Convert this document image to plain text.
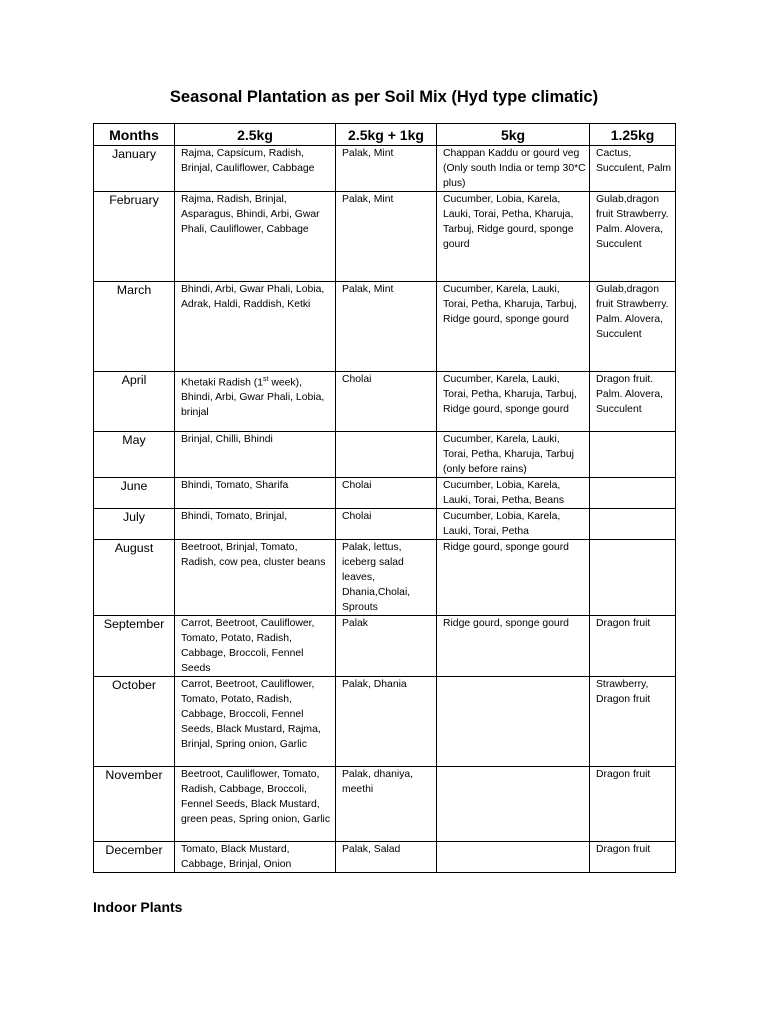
Seasonal Plantation as per Soil Mix (Hyd type climatic)
Months	2.5kg	2.5kg + 1kg	5kg	1.25kg
January	Rajma, Capsicum, Radish, Brinjal, Cauliflower, Cabbage	Palak, Mint	Chappan Kaddu or gourd veg (Only south India or temp 30*C plus)	Cactus, Succulent, Palm
February	Rajma, Radish, Brinjal, Asparagus, Bhindi, Arbi, Gwar Phali, Cauliflower, Cabbage	Palak, Mint	Cucumber, Lobia, Karela, Lauki, Torai, Petha, Kharuja, Tarbuj, Ridge gourd, sponge gourd	Gulab,dragon fruit Strawberry. Palm. Alovera, Succulent
March	Bhindi, Arbi, Gwar Phali, Lobia, Adrak, Haldi, Raddish, Ketki	Palak, Mint	Cucumber, Karela, Lauki, Torai, Petha, Kharuja, Tarbuj, Ridge gourd, sponge gourd	Gulab,dragon fruit Strawberry. Palm. Alovera, Succulent
April	Khetaki Radish (1st week), Bhindi, Arbi, Gwar Phali, Lobia, brinjal	Cholai	Cucumber, Karela, Lauki, Torai, Petha, Kharuja, Tarbuj, Ridge gourd, sponge gourd	Dragon fruit. Palm. Alovera, Succulent
May	Brinjal, Chilli, Bhindi		Cucumber, Karela, Lauki, Torai, Petha, Kharuja, Tarbuj (only before rains)	
June	Bhindi, Tomato, Sharifa	Cholai	Cucumber, Lobia, Karela, Lauki, Torai, Petha, Beans	
July	Bhindi, Tomato, Brinjal,	Cholai	Cucumber, Lobia, Karela, Lauki, Torai, Petha	
August	Beetroot, Brinjal, Tomato, Radish, cow pea, cluster beans	Palak, lettus, iceberg salad leaves, Dhania,Cholai, Sprouts	Ridge gourd, sponge gourd	
September	Carrot, Beetroot, Cauliflower, Tomato, Potato, Radish, Cabbage, Broccoli, Fennel Seeds	Palak	Ridge gourd, sponge gourd	Dragon fruit
October	Carrot, Beetroot, Cauliflower, Tomato, Potato, Radish, Cabbage, Broccoli, Fennel Seeds, Black Mustard, Rajma, Brinjal, Spring onion, Garlic	Palak, Dhania		Strawberry, Dragon fruit
November	Beetroot, Cauliflower, Tomato, Radish, Cabbage, Broccoli, Fennel Seeds, Black Mustard, green peas, Spring onion, Garlic	Palak, dhaniya, meethi		Dragon fruit
December	Tomato, Black Mustard, Cabbage, Brinjal, Onion	Palak, Salad		Dragon fruit
Indoor Plants
